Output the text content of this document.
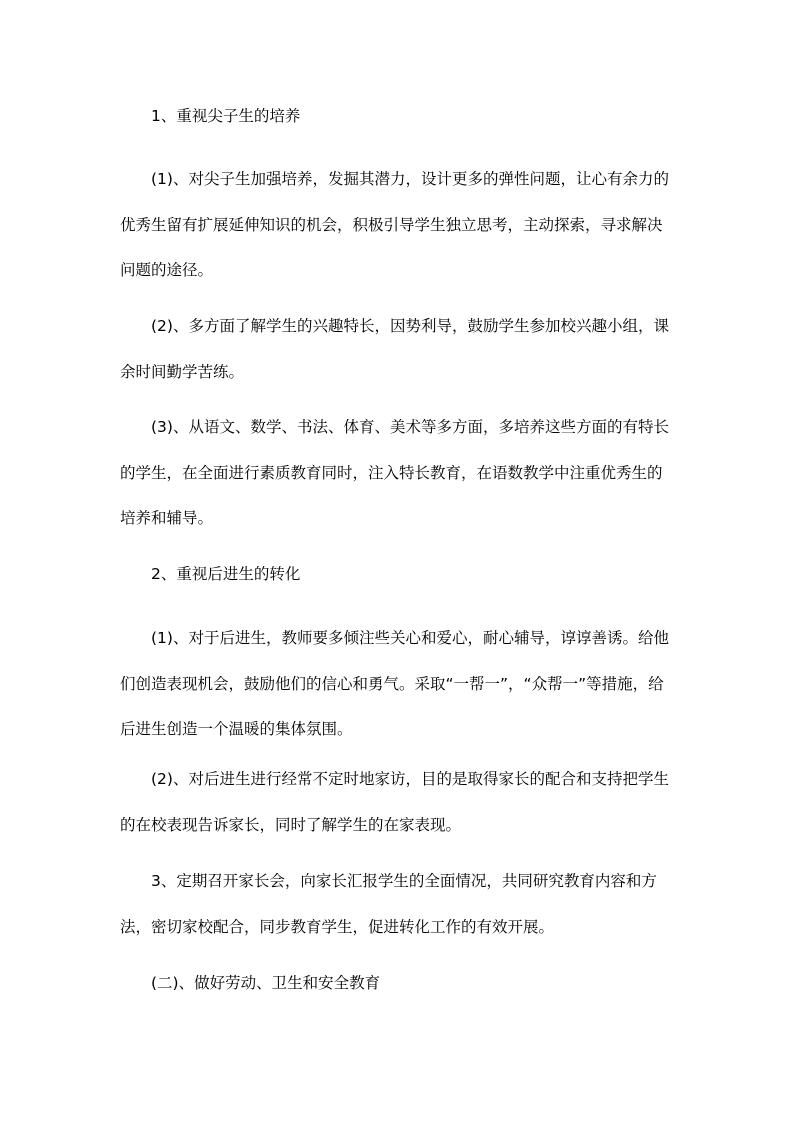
1、重视尖子生的培养

(1)、对尖子生加强培养，发掘其潜力，设计更多的弹性问题，让心有余力的优秀生留有扩展延伸知识的机会，积极引导学生独立思考，主动探索，寻求解决问题的途径。

(2)、多方面了解学生的兴趣特长，因势利导，鼓励学生参加校兴趣小组，课余时间勤学苦练。

(3)、从语文、数学、书法、体育、美术等多方面，多培养这些方面的有特长的学生，在全面进行素质教育同时，注入特长教育，在语数教学中注重优秀生的培养和辅导。

2、重视后进生的转化

(1)、对于后进生，教师要多倾注些关心和爱心，耐心辅导，谆谆善诱。给他们创造表现机会，鼓励他们的信心和勇气。采取“一帮一”，“众帮一”等措施，给后进生创造一个温暖的集体氛围。

(2)、对后进生进行经常不定时地家访，目的是取得家长的配合和支持把学生的在校表现告诉家长，同时了解学生的在家表现。

3、定期召开家长会，向家长汇报学生的全面情况，共同研究教育内容和方法，密切家校配合，同步教育学生，促进转化工作的有效开展。

(二)、做好劳动、卫生和安全教育
